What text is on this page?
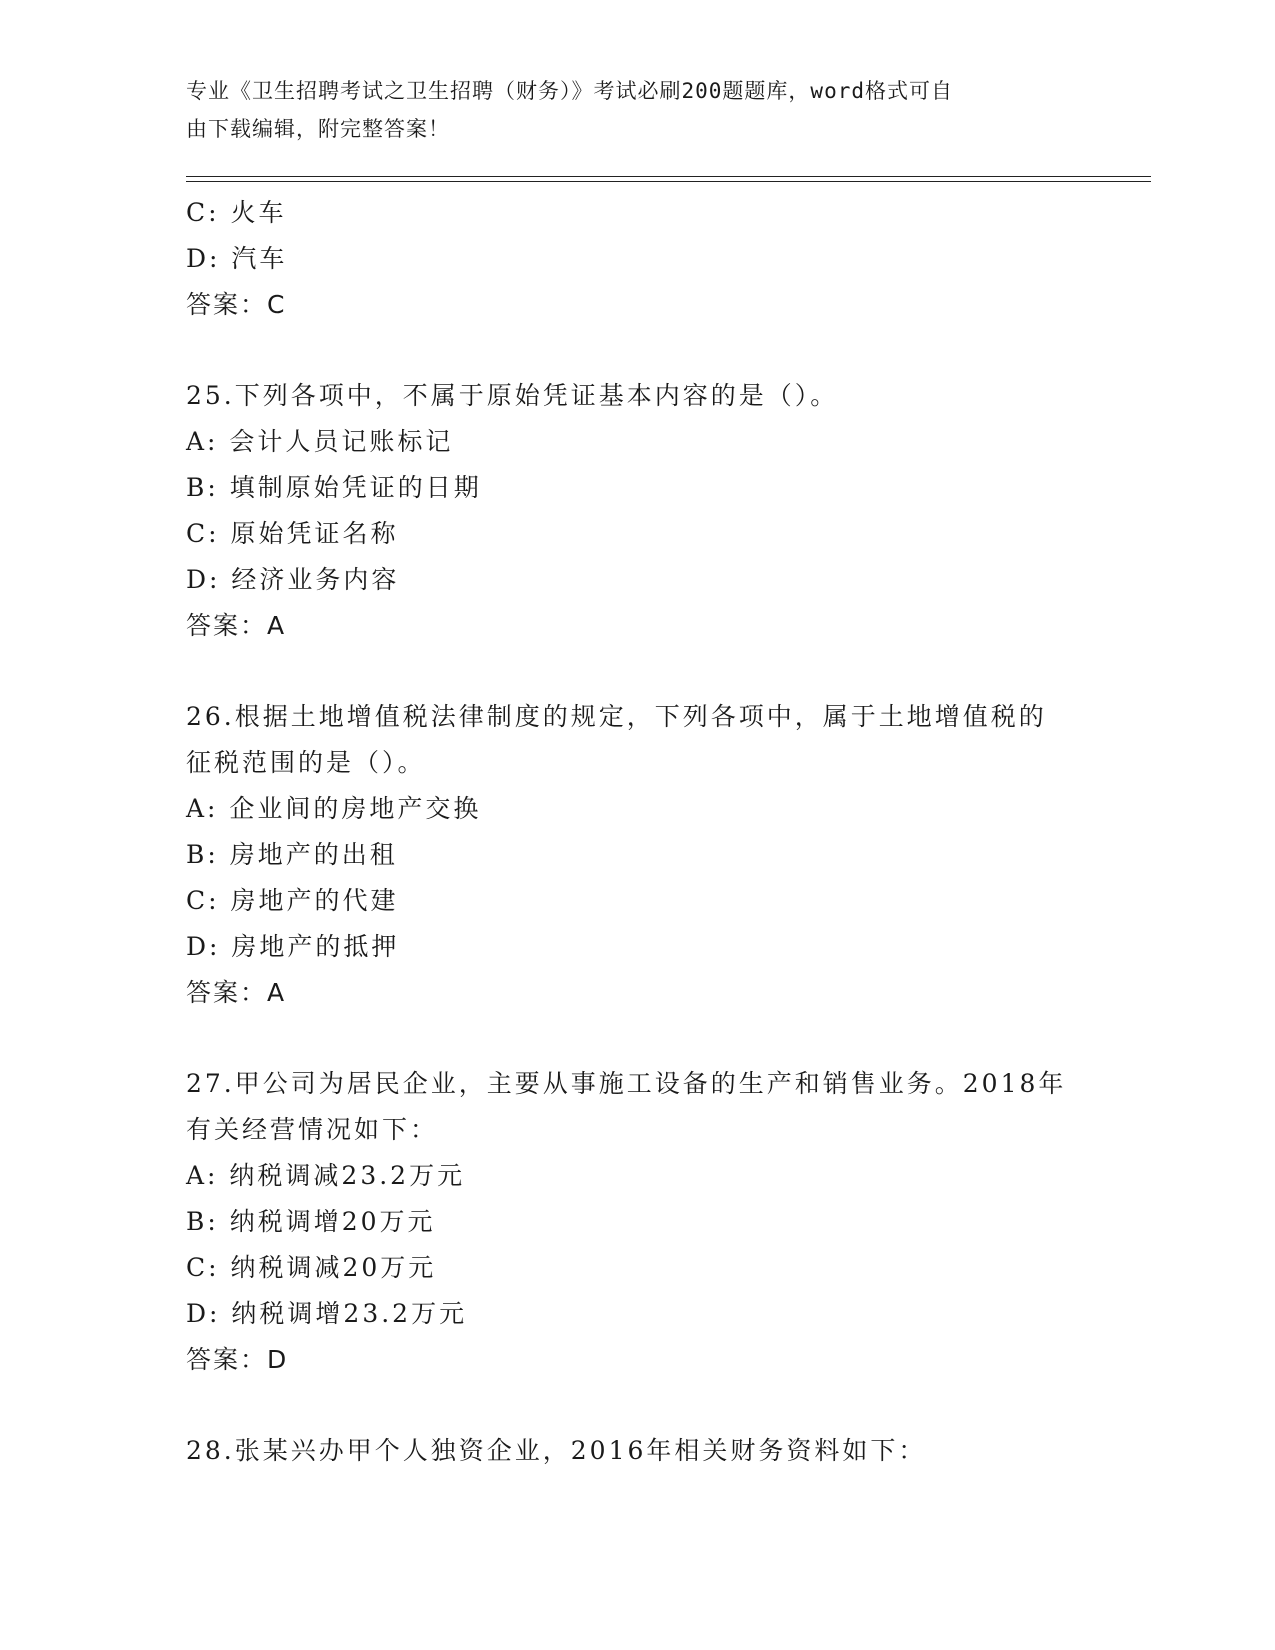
专业《卫生招聘考试之卫生招聘（财务）》考试必刷200题题库，word格式可自
由下载编辑，附完整答案！
C: 火车
D: 汽车
答案：C
25.下列各项中，不属于原始凭证基本内容的是（）。
A: 会计人员记账标记
B: 填制原始凭证的日期
C: 原始凭证名称
D: 经济业务内容
答案：A
26.根据土地增值税法律制度的规定，下列各项中，属于土地增值税的
征税范围的是（）。
A: 企业间的房地产交换
B: 房地产的出租
C: 房地产的代建
D: 房地产的抵押
答案：A
27.甲公司为居民企业，主要从事施工设备的生产和销售业务。2018年
有关经营情况如下：
A: 纳税调减23.2万元
B: 纳税调增20万元
C: 纳税调减20万元
D: 纳税调增23.2万元
答案：D
28.张某兴办甲个人独资企业，2016年相关财务资料如下：
